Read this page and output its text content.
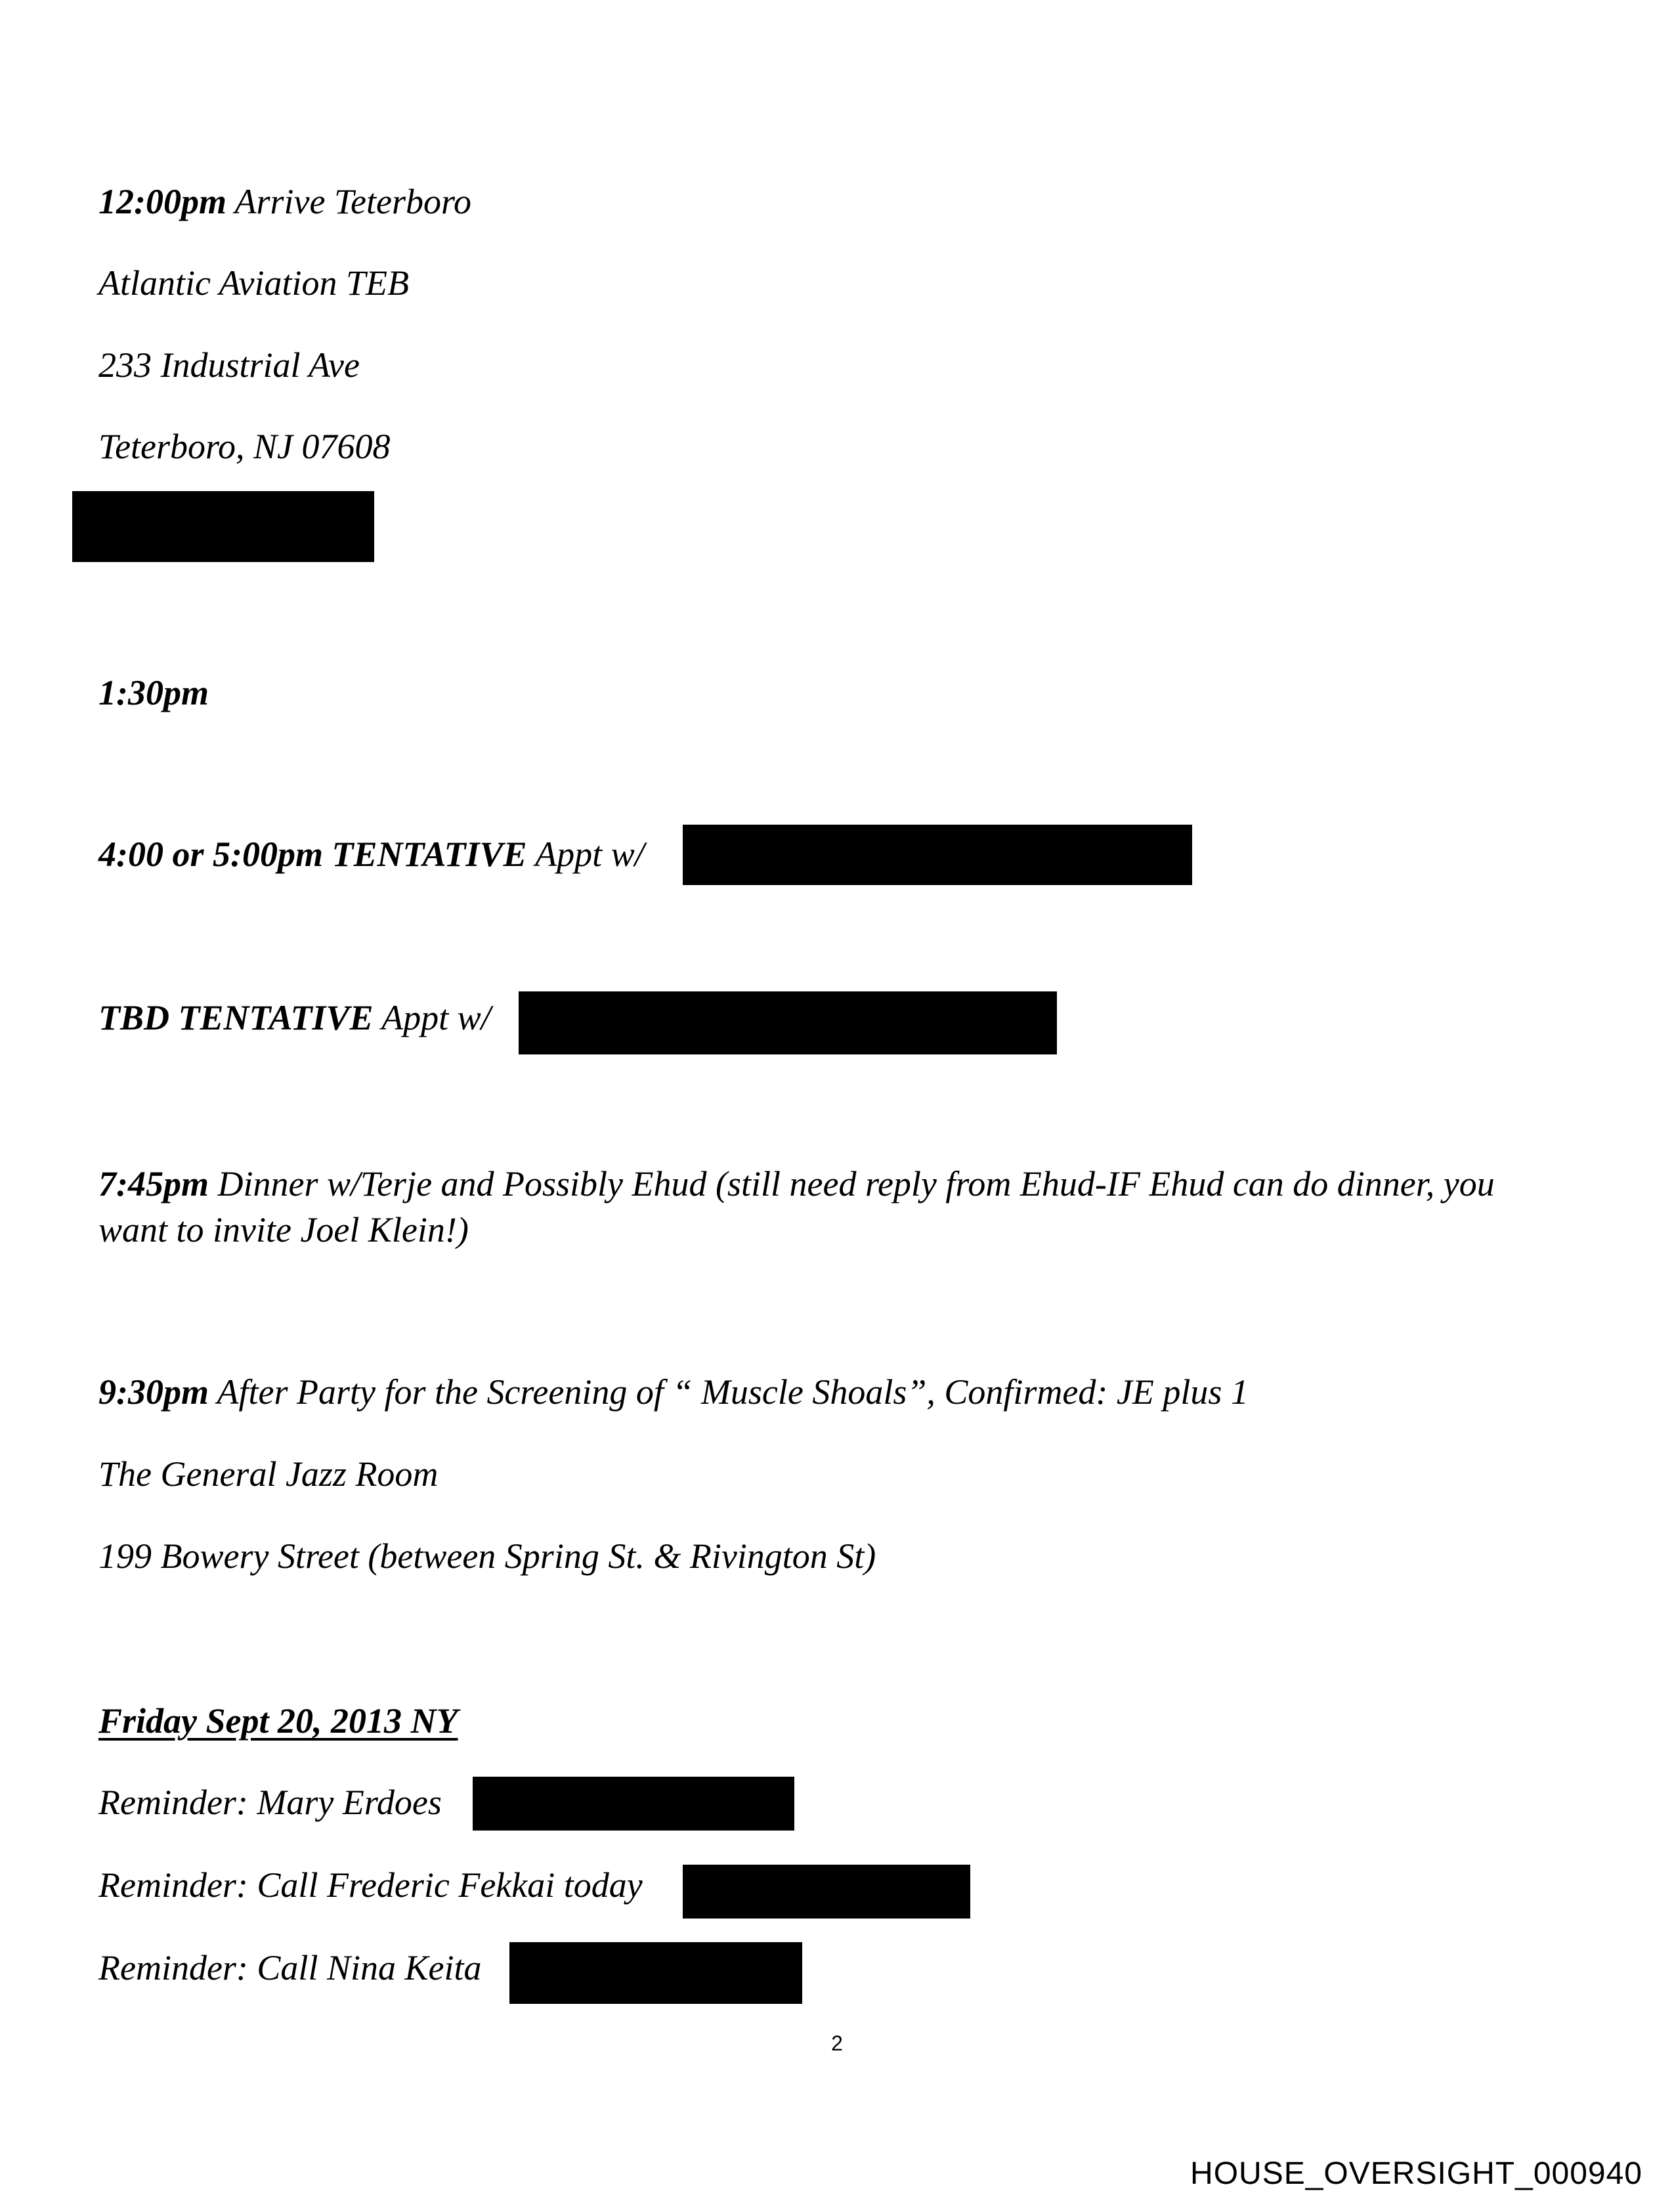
12:00pm Arrive Teterboro
Atlantic Aviation TEB
233 Industrial Ave
Teterboro, NJ 07608
1:30pm
4:00 or 5:00pm TENTATIVE Appt w/
TBD TENTATIVE Appt w/
7:45pm Dinner w/Terje and Possibly Ehud (still need reply from Ehud-IF Ehud can do dinner, you want to invite Joel Klein!)
9:30pm After Party for the Screening of “ Muscle Shoals”, Confirmed: JE plus 1
The General Jazz Room
199 Bowery Street (between Spring St. & Rivington St)
Friday Sept 20, 2013 NY
Reminder: Mary Erdoes
Reminder: Call Frederic Fekkai today
Reminder: Call Nina Keita
2
HOUSE_OVERSIGHT_000940
